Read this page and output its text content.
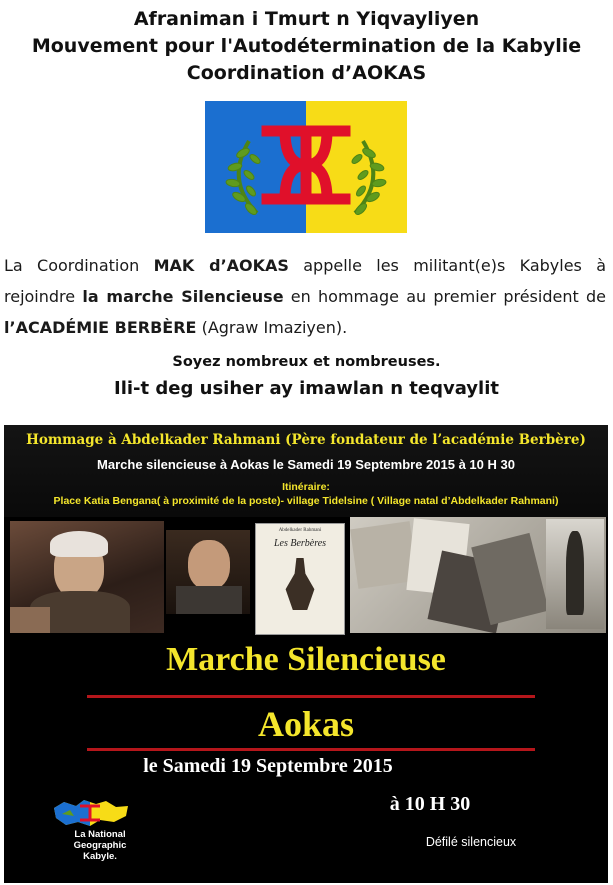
Afraniman i Tmurt n Yiqvayliyen
Mouvement pour l'Autodétermination de la Kabylie
Coordination d’AOKAS
La Coordination MAK d’AOKAS appelle les militant(e)s Kabyles à rejoindre la marche Silencieuse en hommage au premier président de l’ACADÉMIE BERBÈRE (Agraw Imaziyen).
Soyez nombreux et nombreuses.
Ili-t deg usiher ay imawlan n teqvaylit
Hommage à Abdelkader Rahmani (Père fondateur de l’académie Berbère)
Marche silencieuse à Aokas le Samedi 19 Septembre 2015 à 10 H 30
Itinéraire:
Place Katia Bengana( à proximité de la poste)- village Tidelsine ( Village natal d’Abdelkader Rahmani)
Abdelkader Rahmani
Les Berbères
Marche Silencieuse
Aokas
le Samedi 19 Septembre 2015
à 10 H 30
Défilé silencieux
La National
Geographic
Kabyle.
